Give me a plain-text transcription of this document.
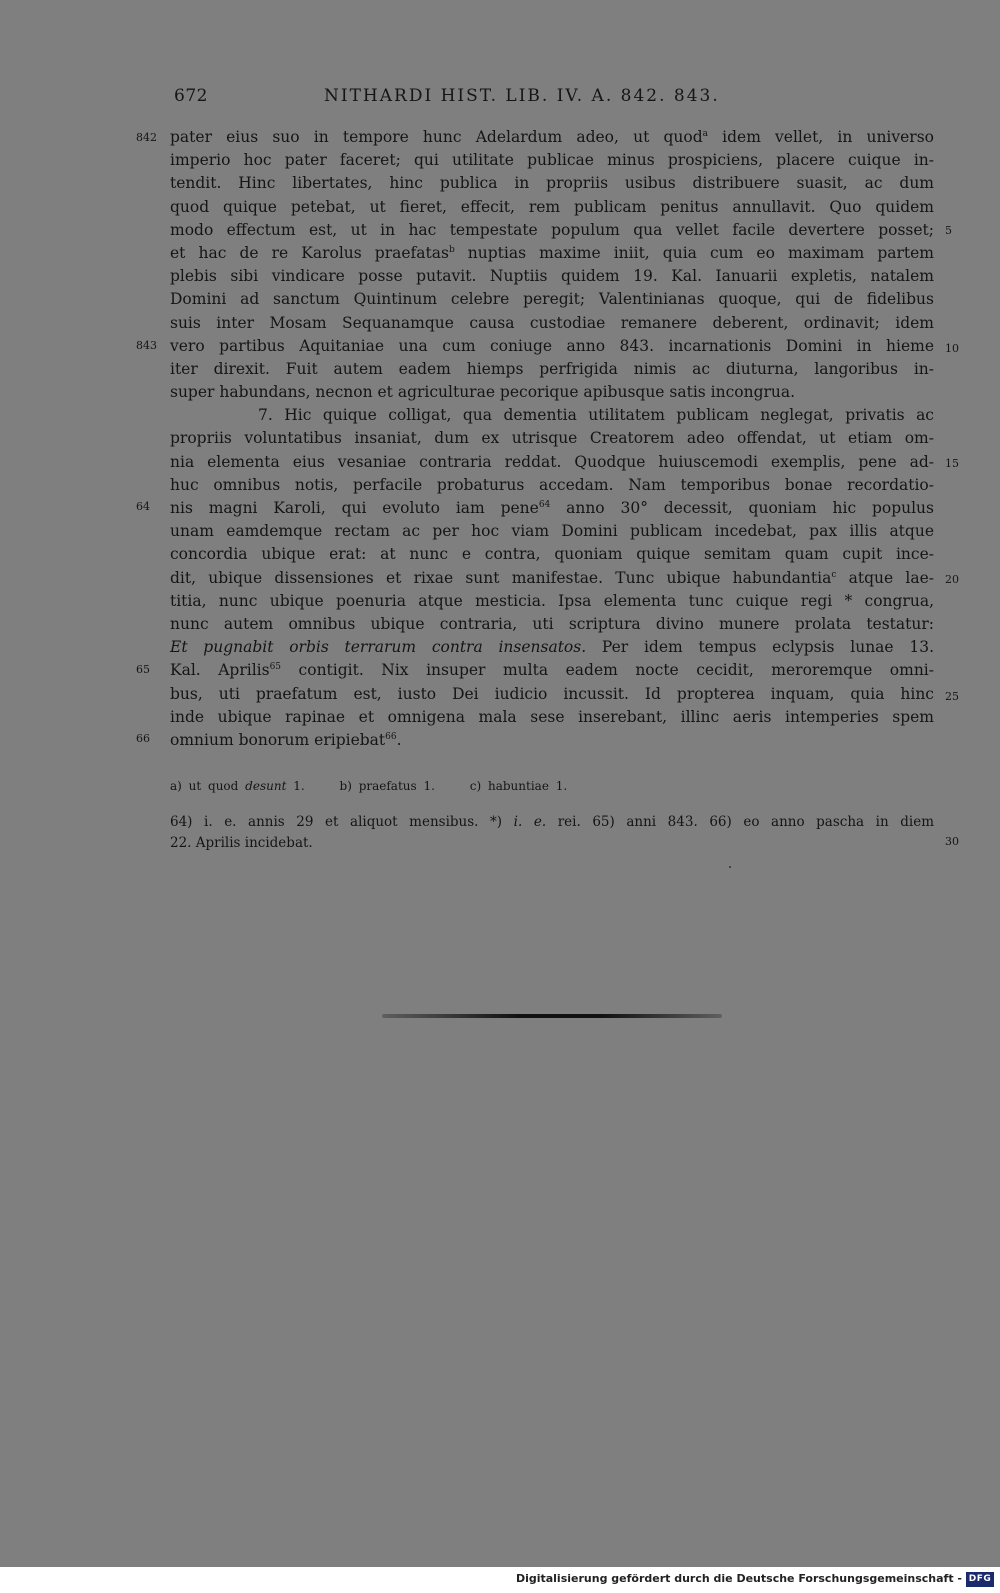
672	NITHARDI HIST. LIB. IV. A. 842. 843.
842
843
64
65
66
5
10
15
20
25
30
pater eius suo in tempore hunc Adelardum adeo, ut quod$^a$ idem vellet, in universo
imperio hoc pater faceret; qui utilitate publicae minus prospiciens, placere cuique in-
tendit. Hinc libertates, hinc publica in propriis usibus distribuere suasit, ac dum
quod quique petebat, ut fieret, effecit, rem publicam penitus annullavit. Quo quidem
modo effectum est, ut in hac tempestate populum qua vellet facile devertere posset;
et hac de re Karolus praefatas$^b$ nuptias maxime iniit, quia cum eo maximam partem
plebis sibi vindicare posse putavit. Nuptiis quidem 19. Kal. Ianuarii expletis, natalem
Domini ad sanctum Quintinum celebre peregit; Valentinianas quoque, qui de fidelibus
suis inter Mosam Sequanamque causa custodiae remanere deberent, ordinavit; idem
vero partibus Aquitaniae una cum coniuge anno 843. incarnationis Domini in hieme
iter direxit. Fuit autem eadem hiemps perfrigida nimis ac diuturna, langoribus in-
super habundans, necnon et agriculturae pecorique apibusque satis incongrua.
7. Hic quique colligat, qua dementia utilitatem publicam neglegat, privatis ac
propriis voluntatibus insaniat, dum ex utrisque Creatorem adeo offendat, ut etiam om-
nia elementa eius vesaniae contraria reddat. Quodque huiuscemodi exemplis, pene ad-
huc omnibus notis, perfacile probaturus accedam. Nam temporibus bonae recordatio-
nis magni Karoli, qui evoluto iam pene$^{64}$ anno 30° decessit, quoniam hic populus
unam eamdemque rectam ac per hoc viam Domini publicam incedebat, pax illis atque
concordia ubique erat: at nunc e contra, quoniam quique semitam quam cupit ince-
dit, ubique dissensiones et rixae sunt manifestae. Tunc ubique habundantia$^c$ atque lae-
titia, nunc ubique poenuria atque mesticia. Ipsa elementa tunc cuique regi * congrua,
nunc autem omnibus ubique contraria, uti scriptura divino munere prolata testatur:
Et pugnabit orbis terrarum contra insensatos. Per idem tempus eclypsis lunae 13.
Kal. Aprilis$^{65}$ contigit. Nix insuper multa eadem nocte cecidit, meroremque omni-
bus, uti praefatum est, iusto Dei iudicio incussit. Id propterea inquam, quia hinc
inde ubique rapinae et omnigena mala sese inserebant, illinc aeris intemperies spem
omnium bonorum eripiebat$^{66}$.
a) ut quod desunt 1.	b) praefatus 1.	c) habuntiae 1.
64) i. e. annis 29 et aliquot mensibus. *) i. e. rei. 65) anni 843. 66) eo anno pascha in diem
22. Aprilis incidebat.
Digitalisierung gefördert durch die Deutsche Forschungsgemeinschaft - DFG
